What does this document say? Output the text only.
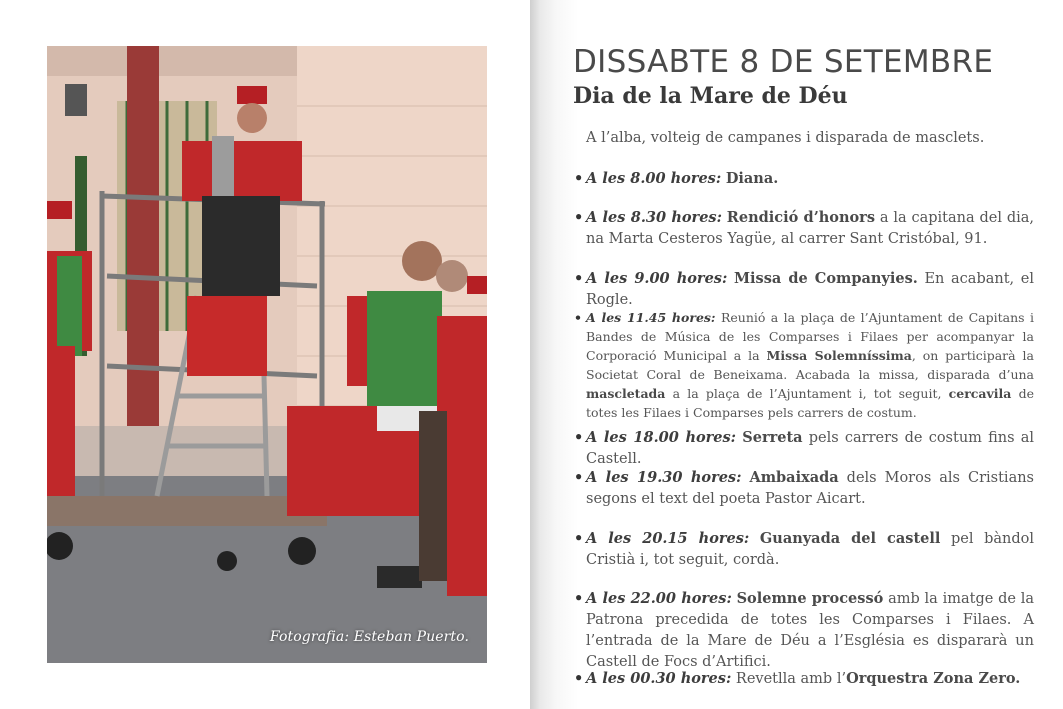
Fotografia: Esteban Puerto.
DISSABTE 8 DE SETEMBRE
Dia de la Mare de Déu
A l’alba, volteig de campanes i disparada de masclets.
• A les 8.00 hores: Diana.
• A les 8.30 hores: Rendició d’honors a la capitana del dia, na Marta Cesteros Yagüe, al carrer Sant Cristóbal, 91.
• A les 9.00 hores: Missa de Companyies. En acabant, el Rogle.
• A les 11.45 hores: Reunió a la plaça de l’Ajuntament de Capitans i Bandes de Música de les Comparses i Filaes per acompanyar la Corporació Municipal a la Missa Solemníssima, on participarà la Societat Coral de Beneixama. Acabada la missa, disparada d’una mascletada a la plaça de l’Ajuntament i, tot seguit, cercavila de totes les Filaes i Comparses pels carrers de costum.
• A les 18.00 hores: Serreta pels carrers de costum fins al Castell.
• A les 19.30 hores: Ambaixada dels Moros als Cristians segons el text del poeta Pastor Aicart.
• A les 20.15 hores: Guanyada del castell pel bàndol Cristià i, tot seguit, cordà.
• A les 22.00 hores: Solemne processó amb la imatge de la Patrona precedida de totes les Comparses i Filaes. A l’entrada de la Mare de Déu a l’Església es dispararà un Castell de Focs d’Artifici.
• A les 00.30 hores: Revetlla amb l’Orquestra Zona Zero.
